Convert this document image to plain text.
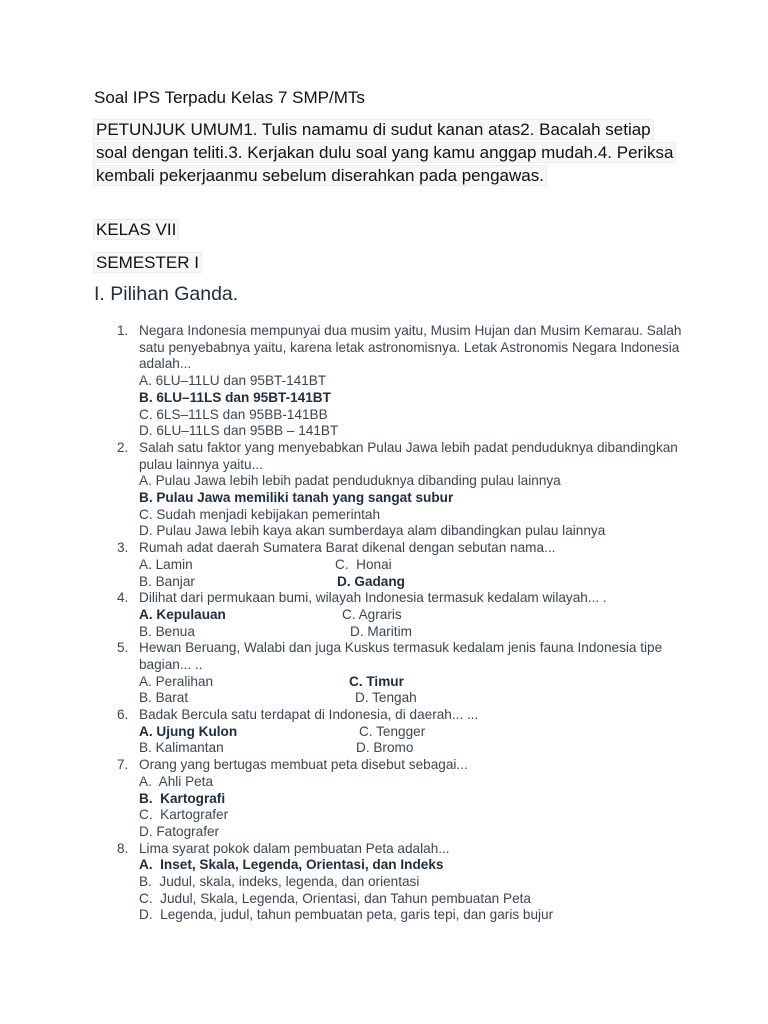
Soal IPS Terpadu Kelas 7 SMP/MTs
PETUNJUK UMUM1. Tulis namamu di sudut kanan atas2. Bacalah setiap soal dengan teliti.3. Kerjakan dulu soal yang kamu anggap mudah.4. Periksa kembali pekerjaanmu sebelum diserahkan pada pengawas.
KELAS VII
SEMESTER I
I. Pilihan Ganda.
1. Negara Indonesia mempunyai dua musim yaitu, Musim Hujan dan Musim Kemarau. Salah satu penyebabnya yaitu, karena letak astronomisnya. Letak Astronomis Negara Indonesia adalah...
A. 6LU–11LU dan 95BT-141BT
B. 6LU–11LS dan 95BT-141BT
C. 6LS–11LS dan 95BB-141BB
D. 6LU–11LS dan 95BB – 141BT
2. Salah satu faktor yang menyebabkan Pulau Jawa lebih padat penduduknya dibandingkan pulau lainnya yaitu...
A. Pulau Jawa lebih lebih padat penduduknya dibanding pulau lainnya
B. Pulau Jawa memiliki tanah yang sangat subur
C. Sudah menjadi kebijakan pemerintah
D. Pulau Jawa lebih kaya akan sumberdaya alam dibandingkan pulau lainnya
3. Rumah adat daerah Sumatera Barat dikenal dengan sebutan nama...

A. Lamin

	C.  Honai

B. Banjar

	D. Gadang

4. Dilihat dari permukaan bumi, wilayah Indonesia termasuk kedalam wilayah... .

A. Kepulauan

	C. Agraris

B. Benua

	D. Maritim

5. Hewan Beruang, Walabi dan juga Kuskus termasuk kedalam jenis fauna Indonesia tipe bagian... ..

A. Peralihan

	C. Timur

B. Barat

	D. Tengah

6. Badak Bercula satu terdapat di Indonesia, di daerah... ...

A. Ujung Kulon

	C. Tengger

B. Kalimantan

	D. Bromo

7. Orang yang bertugas membuat peta disebut sebagai...
A.  Ahli Peta
B.  Kartografi
C.  Kartografer
D. Fatografer
8. Lima syarat pokok dalam pembuatan Peta adalah...
A.  Inset, Skala, Legenda, Orientasi, dan Indeks
B.  Judul, skala, indeks, legenda, dan orientasi
C.  Judul, Skala, Legenda, Orientasi, dan Tahun pembuatan Peta
D.  Legenda, judul, tahun pembuatan peta, garis tepi, dan garis bujur
